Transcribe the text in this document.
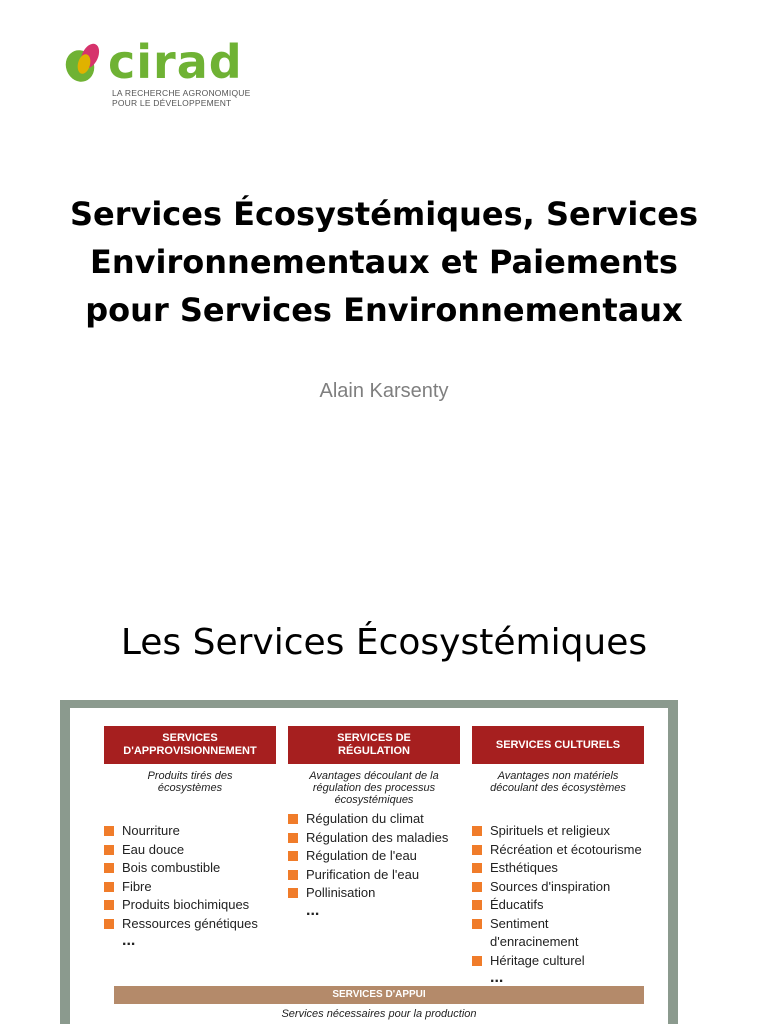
cirad
LA RECHERCHE AGRONOMIQUE
POUR LE DÉVELOPPEMENT
Services Écosystémiques, Services
Environnementaux et Paiements
pour Services Environnementaux
Alain Karsenty
Les Services Écosystémiques
SERVICES
D'APPROVISIONNEMENT
Produits tirés des
écosystèmes
Nourriture
Eau douce
Bois combustible
Fibre
Produits biochimiques
Ressources génétiques
...
SERVICES DE
RÉGULATION
Avantages découlant de la
régulation des processus
écosystémiques
Régulation du climat
Régulation des maladies
Régulation de l'eau
Purification de l'eau
Pollinisation
...
SERVICES CULTURELS
Avantages non matériels
découlant des écosystèmes
Spirituels et religieux
Récréation et écotourisme
Esthétiques
Sources d'inspiration
Éducatifs
Sentiment
d'enracinement
Héritage culturel
...
SERVICES D'APPUI
Services nécessaires pour la production
